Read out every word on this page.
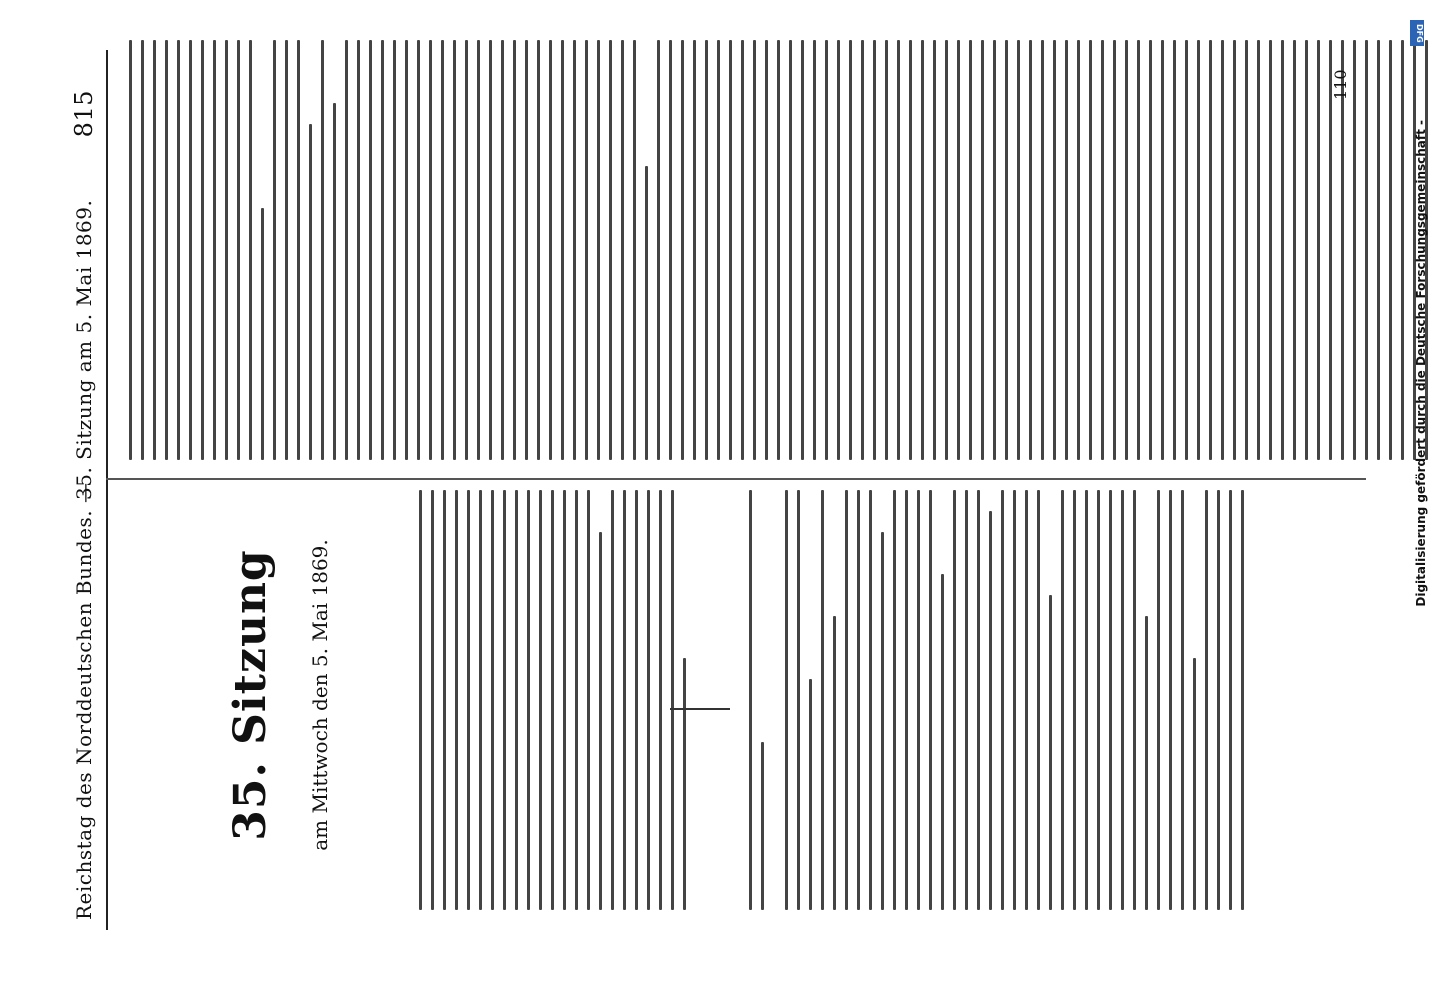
Reichstag des Norddeutschen Bundes. —
35. Sitzung am 5. Mai 1869.
815
35. Sitzung am Mittwoch den 5. Mai 1869.
110
DFG
Digitalisierung gefördert durch die Deutsche Forschungsgemeinschaft -
